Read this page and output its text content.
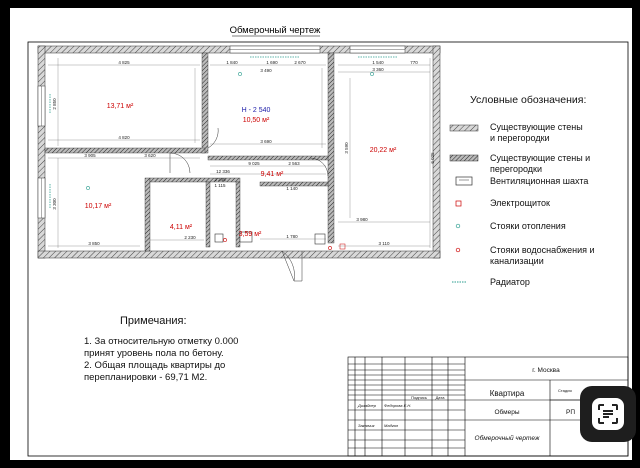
Обмерочный чертеж
4 825	1 840	1 690	2 670	1 540	770
3 490	3 360
4 820
3 905	3 620
9 025	2 563
3 690
12 336
3 980
2 230	1 780
3 110
3 850
2 245
1 115
1 140
6 025
2 850
3 300
3 590
13,71 м²
Н - 2 540
10,50 м²
20,22 м²
10,17 м²
9,41 м²
4,11 м²
3,59 м²
Условные обозначения:
Существующие стены
и перегородки
Существующие стены и
перегородки
Вентиляционная шахта
Электрощиток
Стояки отопления
Стояки водоснабжения и
канализации
Радиатор
Примечания:
1. За относительную отметку 0.000
принят уровень пола по бетону.
2. Общая площадь квартиры до
перепланировки - 69,71 М2.
г. Москва
Квартира
Обмеры
Обмерочный чертеж
Подпись Дата
Дизайнер Федорова Е.Н.
Заказчик Мадгол
Стадия
РП
